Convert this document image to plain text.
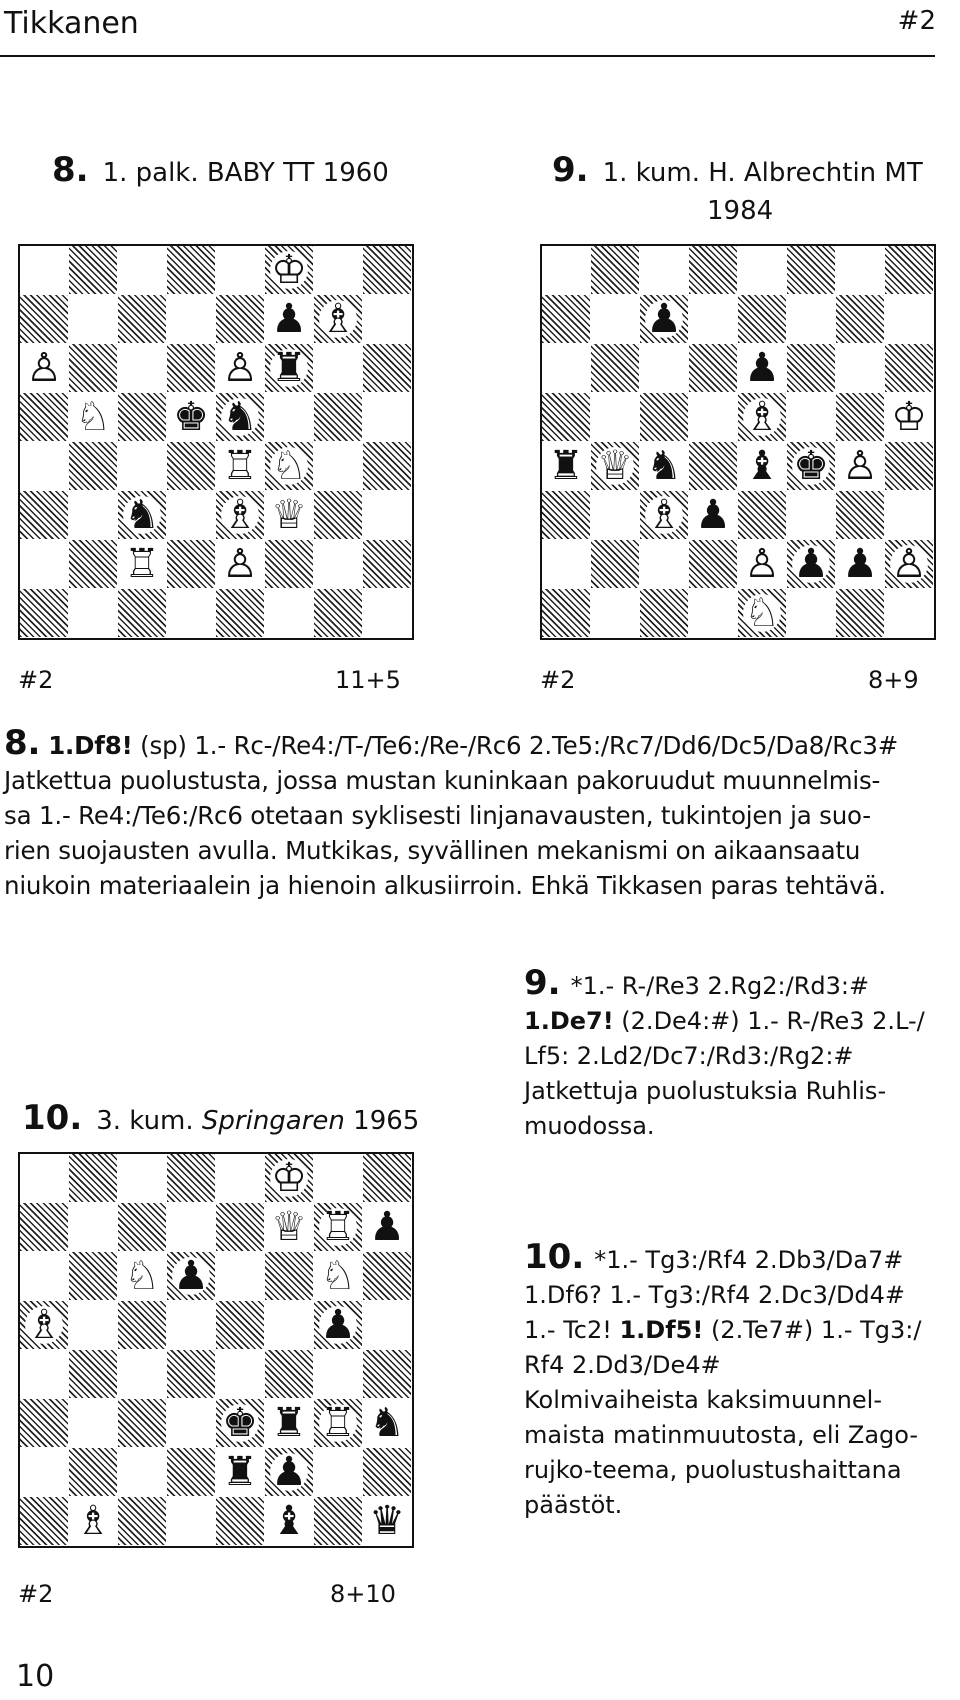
Tikkanen	#2
8. 1. palk. BABY TT 1960
♔
♟ ♗
♙	♙ ♜
♘ ♚ ♞
♖ ♘
♞ ♗ ♕
♖ ♙
#2	11+5
9. 1. kum. H. Albrechtin MT
1984
♟
♟
♗	♔
♜ ♕ ♞ ♝ ♚ ♙
♗ ♟
♙ ♟ ♟ ♙
♘
#2	8+9
8. 1.Df8! (sp) 1.- Rc-/Re4:/T-/Te6:/Re-/Rc6 2.Te5:/Rc7/Dd6/Dc5/Da8/Rc3#
Jatkettua puolustusta, jossa mustan kuninkaan pakoruudut muunnelmis-
sa 1.- Re4:/Te6:/Rc6 otetaan syklisesti linjanavausten, tukintojen ja suo-
rien suojausten avulla. Mutkikas, syvällinen mekanismi on aikaansaatu
niukoin materiaalein ja hienoin alkusiirroin. Ehkä Tikkasen paras tehtävä.
9. *1.- R-/Re3 2.Rg2:/Rd3:#
1.De7! (2.De4:#) 1.- R-/Re3 2.L-/
Lf5: 2.Ld2/Dc7:/Rd3:/Rg2:#
Jatkettuja puolustuksia Ruhlis-
muodossa.
10. 3. kum. Springaren 1965
♔
♕ ♖ ♟
♘ ♟	♘
♗	♟
♚ ♜ ♖ ♞
♜ ♟
♗	♝ ♛
#2	8+10
10. *1.- Tg3:/Rf4 2.Db3/Da7#
1.Df6? 1.- Tg3:/Rf4 2.Dc3/Dd4#
1.- Tc2! 1.Df5! (2.Te7#) 1.- Tg3:/
Rf4 2.Dd3/De4#
Kolmivaiheista kaksimuunnel-
maista matinmuutosta, eli Zago-
rujko-teema, puolustushaittana
päästöt.
10
